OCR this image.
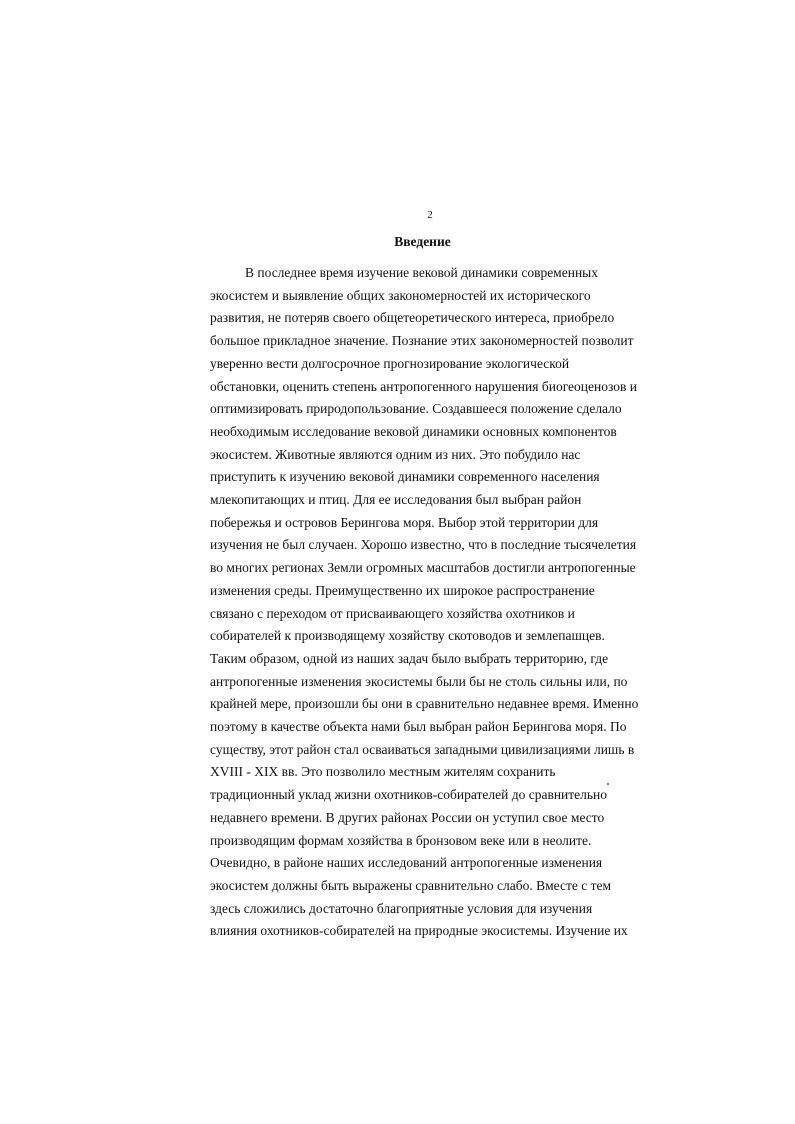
2
Введение
В последнее время изучение вековой динамики современных
экосистем и выявление общих закономерностей их исторического
развития, не потеряв своего общетеоретического интереса, приобрело
большое прикладное значение. Познание этих закономерностей позволит
уверенно вести долгосрочное прогнозирование экологической
обстановки, оценить степень антропогенного нарушения биогеоценозов и
оптимизировать природопользование. Создавшееся положение сделало
необходимым исследование вековой динамики основных компонентов
экосистем. Животные являются одним из них. Это побудило нас
приступить к изучению вековой динамики современного населения
млекопитающих и птиц. Для ее исследования был выбран район
побережья и островов Берингова моря. Выбор этой территории для
изучения не был случаен. Хорошо известно, что в последние тысячелетия
во многих регионах Земли огромных масштабов достигли антропогенные
изменения среды. Преимущественно их широкое распространение
связано с переходом от присваивающего хозяйства охотников и
собирателей к производящему хозяйству скотоводов и землепашцев.
Таким образом, одной из наших задач было выбрать территорию, где
антропогенные изменения экосистемы были бы не столь сильны или, по
крайней мере, произошли бы они в сравнительно недавнее время. Именно
поэтому в качестве объекта нами был выбран район Берингова моря. По
существу, этот район стал осваиваться западными цивилизациями лишь в
XVIII - XIX вв. Это позволило местным жителям сохранить
традиционный уклад жизни охотников-собирателей до сравнительно
недавнего времени. В других районах России он уступил свое место
производящим формам хозяйства в бронзовом веке или в неолите.
Очевидно, в районе наших исследований антропогенные изменения
экосистем должны быть выражены сравнительно слабо. Вместе с тем
здесь сложились достаточно благоприятные условия для изучения
влияния охотников-собирателей на природные экосистемы. Изучение их
